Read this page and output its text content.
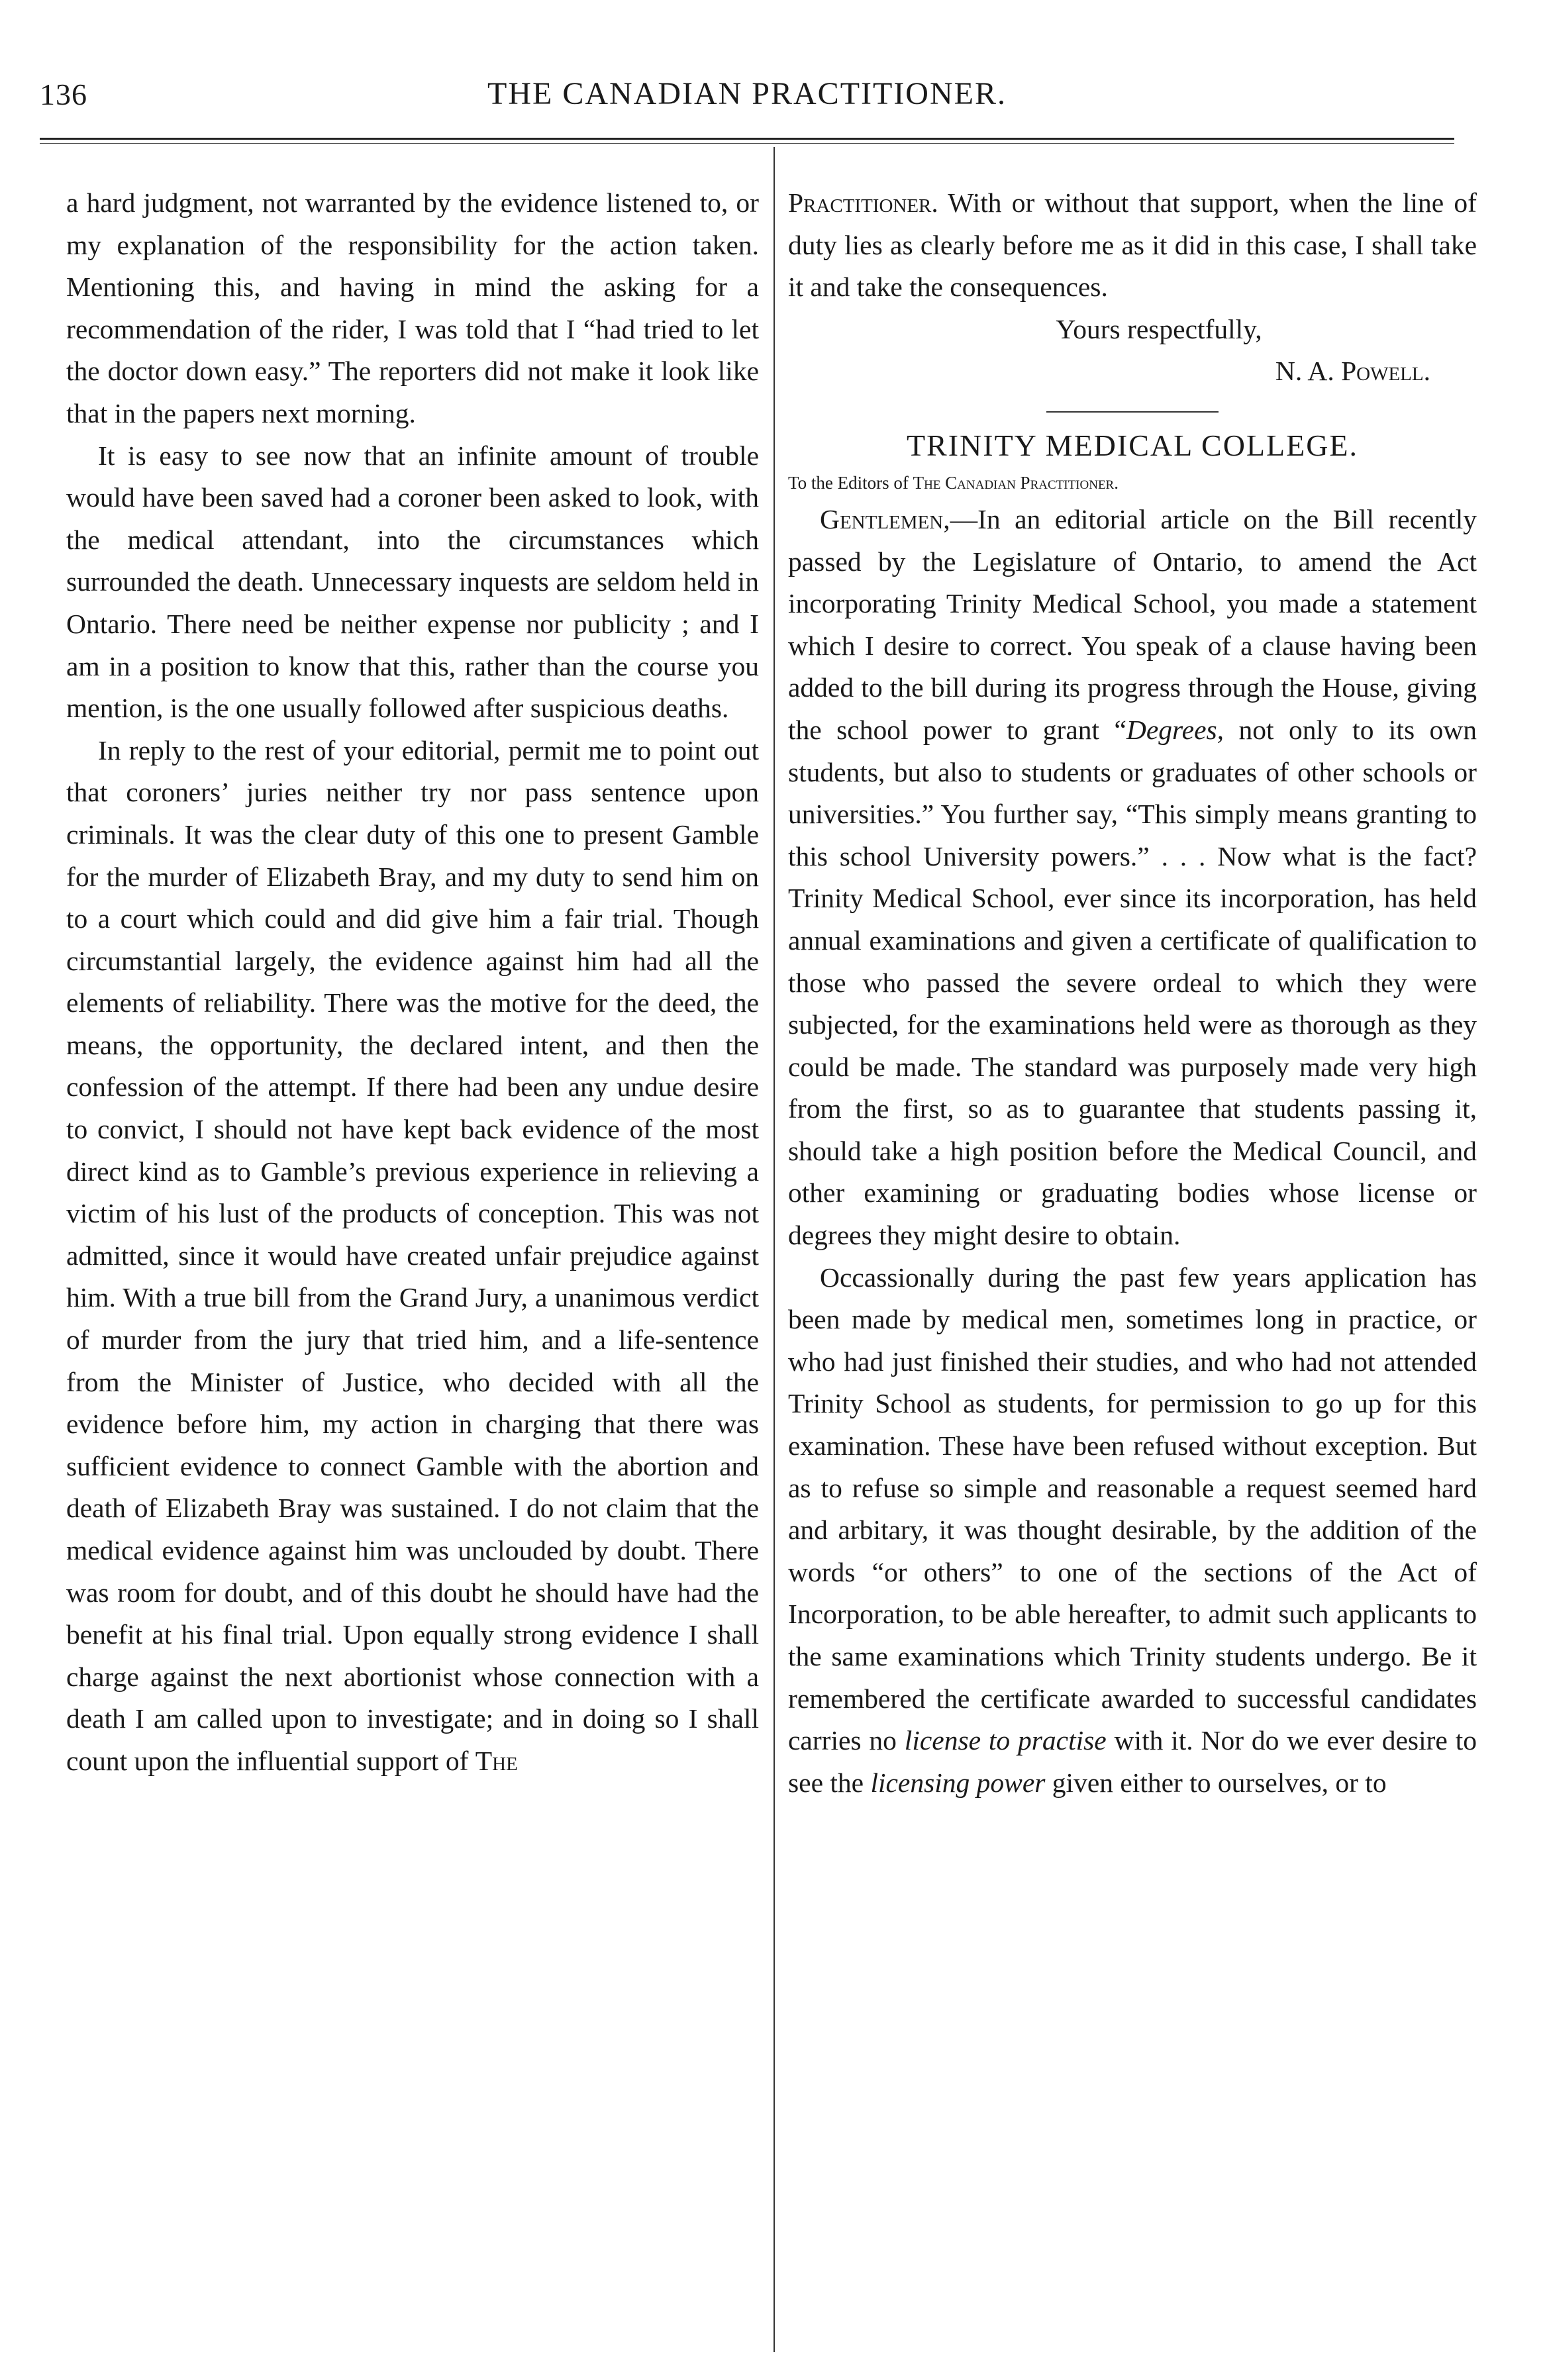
136	THE CANADIAN PRACTITIONER.

a hard judgment, not warranted by the evidence listened to, or my explanation of the responsibility for the action taken. Mentioning this, and having in mind the asking for a recommendation of the rider, I was told that I “had tried to let the doctor down easy.” The reporters did not make it look like that in the papers next morning.

It is easy to see now that an infinite amount of trouble would have been saved had a coroner been asked to look, with the medical attendant, into the circumstances which surrounded the death. Unnecessary inquests are seldom held in Ontario. There need be neither expense nor publicity ; and I am in a position to know that this, rather than the course you mention, is the one usually followed after suspicious deaths.

In reply to the rest of your editorial, permit me to point out that coroners’ juries neither try nor pass sentence upon criminals. It was the clear duty of this one to present Gamble for the murder of Elizabeth Bray, and my duty to send him on to a court which could and did give him a fair trial. Though circumstantial largely, the evidence against him had all the elements of reliability. There was the motive for the deed, the means, the opportunity, the declared intent, and then the confession of the attempt. If there had been any undue desire to convict, I should not have kept back evidence of the most direct kind as to Gamble’s previous experience in relieving a victim of his lust of the products of conception. This was not admitted, since it would have created unfair prejudice against him. With a true bill from the Grand Jury, a unanimous verdict of murder from the jury that tried him, and a life-sentence from the Minister of Justice, who decided with all the evidence before him, my action in charging that there was sufficient evidence to connect Gamble with the abortion and death of Elizabeth Bray was sustained. I do not claim that the medical evidence against him was unclouded by doubt. There was room for doubt, and of this doubt he should have had the benefit at his final trial. Upon equally strong evidence I shall charge against the next abortionist whose connection with a death I am called upon to investigate; and in doing so I shall count upon the influential support of The

Practitioner. With or without that support, when the line of duty lies as clearly before me as it did in this case, I shall take it and take the consequences.

Yours respectfully,

N. A. Powell.

TRINITY MEDICAL COLLEGE.

To the Editors of The Canadian Practitioner.

Gentlemen,—In an editorial article on the Bill recently passed by the Legislature of Ontario, to amend the Act incorporating Trinity Medical School, you made a statement which I desire to correct. You speak of a clause having been added to the bill during its progress through the House, giving the school power to grant “Degrees, not only to its own students, but also to students or graduates of other schools or universities.” You further say, “This simply means granting to this school University powers.” . . . Now what is the fact? Trinity Medical School, ever since its incorporation, has held annual examinations and given a certificate of qualification to those who passed the severe ordeal to which they were subjected, for the examinations held were as thorough as they could be made. The standard was purposely made very high from the first, so as to guarantee that students passing it, should take a high position before the Medical Council, and other examining or graduating bodies whose license or degrees they might desire to obtain.

Occassionally during the past few years application has been made by medical men, sometimes long in practice, or who had just finished their studies, and who had not attended Trinity School as students, for permission to go up for this examination. These have been refused without exception. But as to refuse so simple and reasonable a request seemed hard and arbitary, it was thought desirable, by the addition of the words “or others” to one of the sections of the Act of Incorporation, to be able hereafter, to admit such applicants to the same examinations which Trinity students undergo. Be it remembered the certificate awarded to successful candidates carries no license to practise with it. Nor do we ever desire to see the licensing power given either to ourselves, or to
